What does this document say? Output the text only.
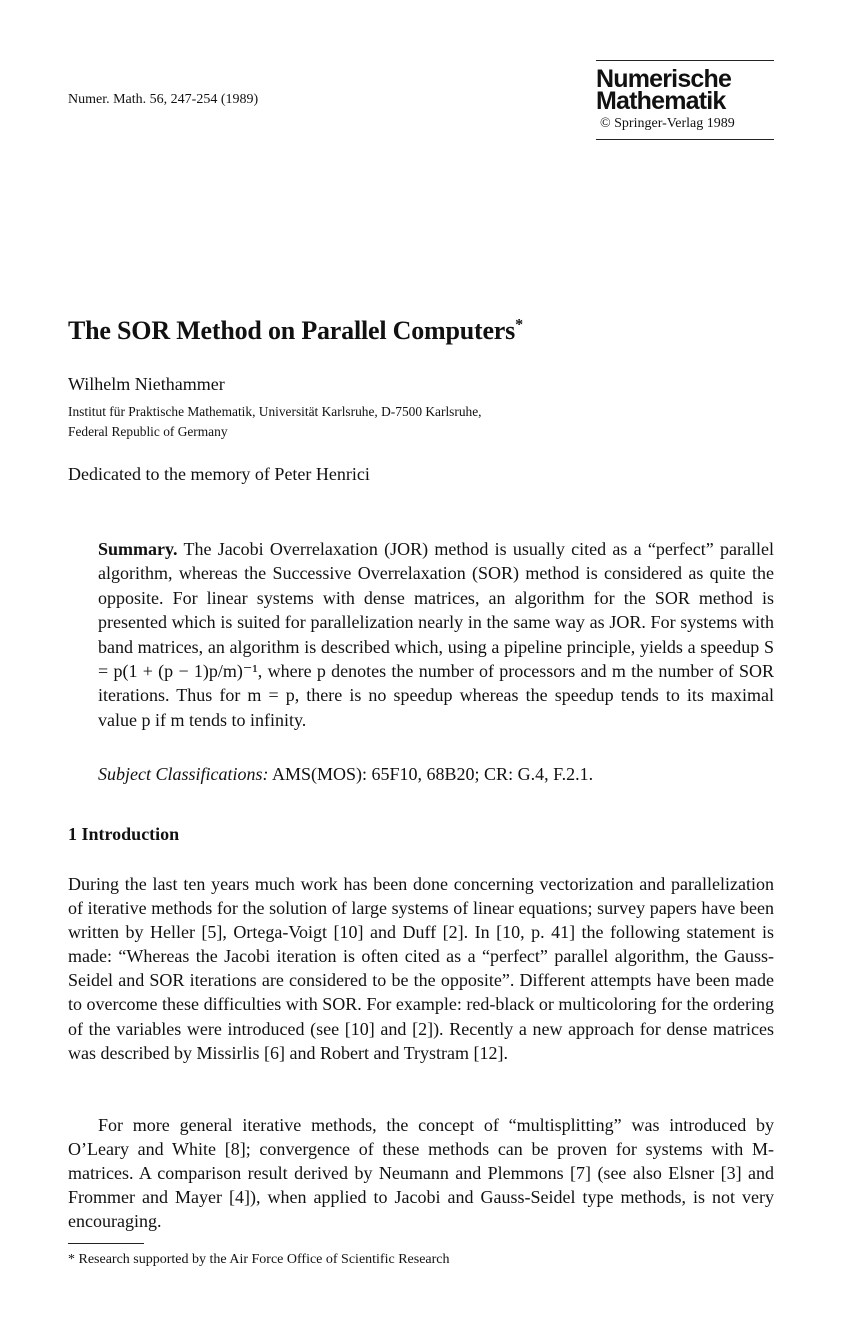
Numer. Math. 56, 247-254 (1989)
Numerische
Mathematik
© Springer-Verlag 1989
The SOR Method on Parallel Computers*
Wilhelm Niethammer
Institut für Praktische Mathematik, Universität Karlsruhe, D-7500 Karlsruhe,
Federal Republic of Germany
Dedicated to the memory of Peter Henrici

Summary. The Jacobi Overrelaxation (JOR) method is usually cited as a “perfect” parallel algorithm, whereas the Successive Overrelaxation (SOR) method is considered as quite the opposite. For linear systems with dense matrices, an algorithm for the SOR method is presented which is suited for parallelization nearly in the same way as JOR. For systems with band matrices, an algorithm is described which, using a pipeline principle, yields a speedup S = p(1 + (p − 1)p/m)⁻¹, where p denotes the number of processors and m the number of SOR iterations. Thus for m = p, there is no speedup whereas the speedup tends to its maximal value p if m tends to infinity.

Subject Classifications: AMS(MOS): 65F10, 68B20; CR: G.4, F.2.1.
1 Introduction

During the last ten years much work has been done concerning vectorization and parallelization of iterative methods for the solution of large systems of linear equations; survey papers have been written by Heller [5], Ortega-Voigt [10] and Duff [2]. In [10, p. 41] the following statement is made: “Whereas the Jacobi iteration is often cited as a “perfect” parallel algorithm, the Gauss-Seidel and SOR iterations are considered to be the opposite”. Different attempts have been made to overcome these difficulties with SOR. For example: red-black or multicoloring for the ordering of the variables were introduced (see [10] and [2]). Recently a new approach for dense matrices was described by Missirlis [6] and Robert and Trystram [12].

For more general iterative methods, the concept of “multisplitting” was introduced by O’Leary and White [8]; convergence of these methods can be proven for systems with M-matrices. A comparison result derived by Neumann and Plemmons [7] (see also Elsner [3] and Frommer and Mayer [4]), when applied to Jacobi and Gauss-Seidel type methods, is not very encouraging.

* Research supported by the Air Force Office of Scientific Research
